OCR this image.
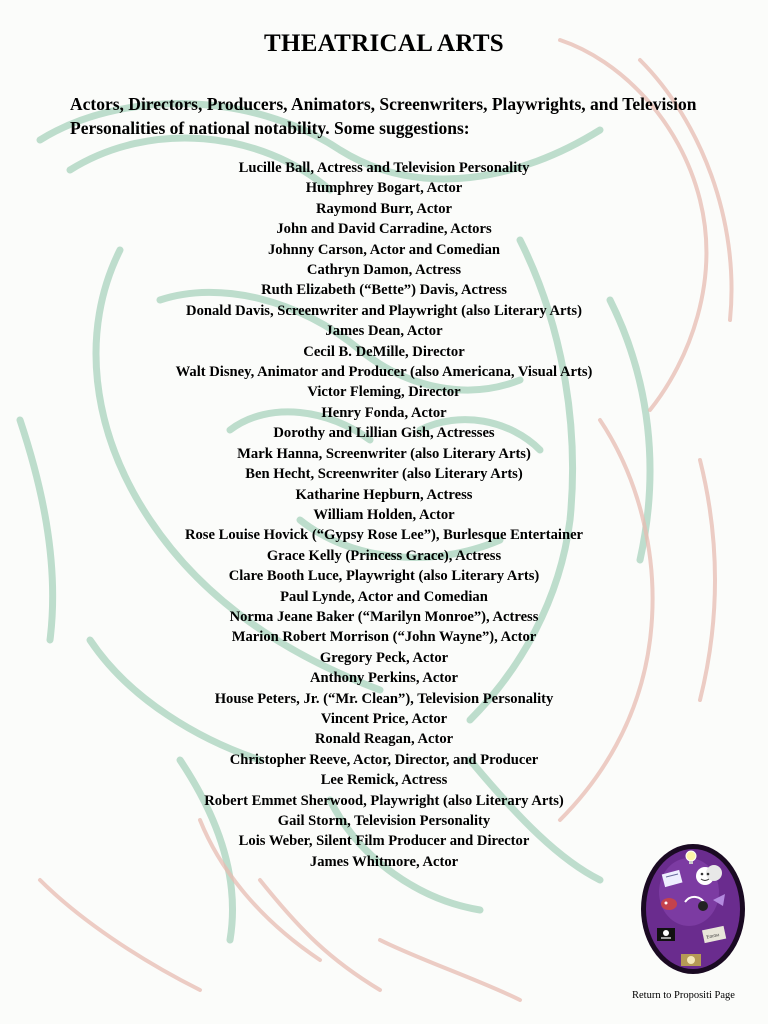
THEATRICAL ARTS
Actors, Directors, Producers, Animators, Screenwriters, Playwrights, and Television Personalities of national notability. Some suggestions:
Lucille Ball, Actress and Television Personality
Humphrey Bogart, Actor
Raymond Burr, Actor
John and David Carradine, Actors
Johnny Carson, Actor and Comedian
Cathryn Damon, Actress
Ruth Elizabeth (“Bette”) Davis, Actress
Donald Davis, Screenwriter and Playwright (also Literary Arts)
James Dean, Actor
Cecil B. DeMille, Director
Walt Disney, Animator and Producer (also Americana, Visual Arts)
Victor Fleming, Director
Henry Fonda, Actor
Dorothy and Lillian Gish, Actresses
Mark Hanna, Screenwriter (also Literary Arts)
Ben Hecht, Screenwriter (also Literary Arts)
Katharine Hepburn, Actress
William Holden, Actor
Rose Louise Hovick (“Gypsy Rose Lee”), Burlesque Entertainer
Grace Kelly (Princess Grace), Actress
Clare Booth Luce, Playwright (also Literary Arts)
Paul Lynde, Actor and Comedian
Norma Jeane Baker (“Marilyn Monroe”), Actress
Marion Robert Morrison (“John Wayne”), Actor
Gregory Peck, Actor
Anthony Perkins, Actor
House Peters, Jr. (“Mr. Clean”), Television Personality
Vincent Price, Actor
Ronald Reagan, Actor
Christopher Reeve, Actor, Director, and Producer
Lee Remick, Actress
Robert Emmet Sherwood, Playwright (also Literary Arts)
Gail Storm, Television Personality
Lois Weber, Silent Film Producer and Director
James Whitmore, Actor
Emma
Return to Propositi Page
